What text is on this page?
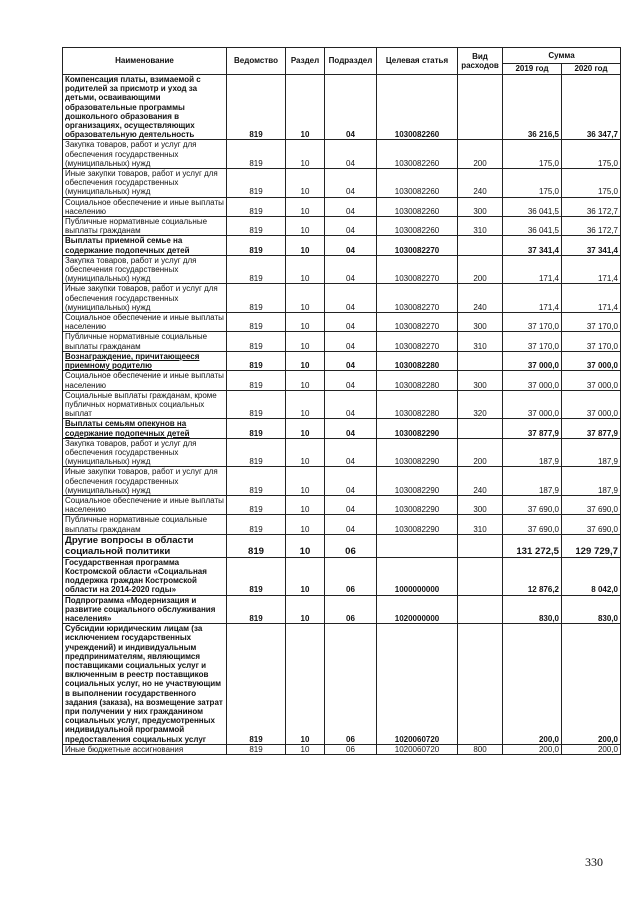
Наименование	Ведомство	Раздел	Подраздел	Целевая статья	Вид расходов	Сумма	
						2019 год	2020 год
Компенсация платы, взимаемой с родителей за присмотр и уход за детьми, осваивающими образовательные программы дошкольного образования в организациях, осуществляющих образовательную деятельность	819	10	04	1030082260		36 216,5	36 347,7
Закупка товаров, работ и услуг для обеспечения государственных (муниципальных) нужд	819	10	04	1030082260	200	175,0	175,0
Иные закупки товаров, работ и услуг для обеспечения государственных (муниципальных) нужд	819	10	04	1030082260	240	175,0	175,0
Социальное обеспечение и иные выплаты населению	819	10	04	1030082260	300	36 041,5	36 172,7
Публичные нормативные социальные выплаты гражданам	819	10	04	1030082260	310	36 041,5	36 172,7
Выплаты приемной семье на содержание подопечных детей	819	10	04	1030082270		37 341,4	37 341,4
Закупка товаров, работ и услуг для обеспечения государственных (муниципальных) нужд	819	10	04	1030082270	200	171,4	171,4
Иные закупки товаров, работ и услуг для обеспечения государственных (муниципальных) нужд	819	10	04	1030082270	240	171,4	171,4
Социальное обеспечение и иные выплаты населению	819	10	04	1030082270	300	37 170,0	37 170,0
Публичные нормативные социальные выплаты гражданам	819	10	04	1030082270	310	37 170,0	37 170,0
Вознаграждение, причитающееся приемному родителю	819	10	04	1030082280		37 000,0	37 000,0
Социальное обеспечение и иные выплаты населению	819	10	04	1030082280	300	37 000,0	37 000,0
Социальные выплаты гражданам, кроме публичных нормативных социальных выплат	819	10	04	1030082280	320	37 000,0	37 000,0
Выплаты семьям опекунов на содержание подопечных детей	819	10	04	1030082290		37 877,9	37 877,9
Закупка товаров, работ и услуг для обеспечения государственных (муниципальных) нужд	819	10	04	1030082290	200	187,9	187,9
Иные закупки товаров, работ и услуг для обеспечения государственных (муниципальных) нужд	819	10	04	1030082290	240	187,9	187,9
Социальное обеспечение и иные выплаты населению	819	10	04	1030082290	300	37 690,0	37 690,0
Публичные нормативные социальные выплаты гражданам	819	10	04	1030082290	310	37 690,0	37 690,0
Другие вопросы в области социальной политики	819	10	06			131 272,5	129 729,7
Государственная программа Костромской области «Социальная поддержка граждан Костромской области на 2014-2020 годы»	819	10	06	1000000000		12 876,2	8 042,0
Подпрограмма «Модернизация и развитие социального обслуживания населения»	819	10	06	1020000000		830,0	830,0
Субсидии юридическим лицам (за исключением государственных учреждений) и индивидуальным предпринимателям, являющимся поставщиками социальных услуг и включенным в реестр поставщиков социальных услуг, но не участвующим в выполнении государственного задания (заказа), на возмещение затрат при получении у них гражданином социальных услуг, предусмотренных индивидуальной программой предоставления социальных услуг	819	10	06	1020060720		200,0	200,0
Иные бюджетные ассигнования	819	10	06	1020060720	800	200,0	200,0
330
